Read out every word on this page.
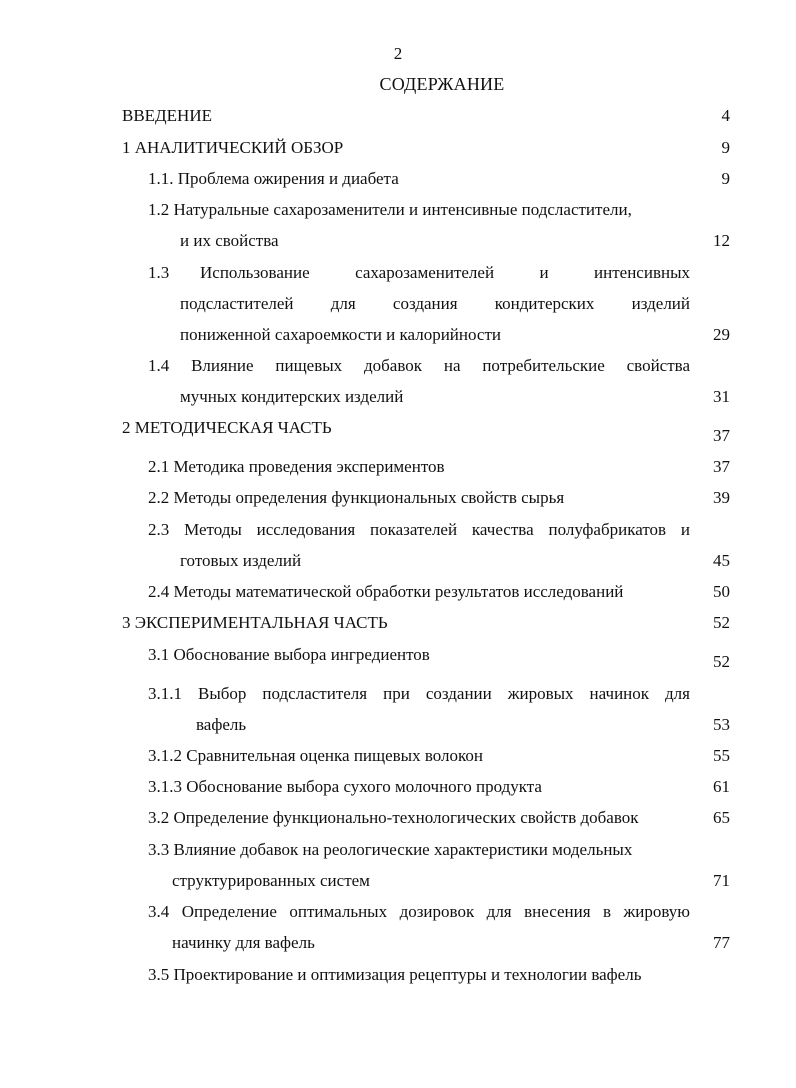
2
СОДЕРЖАНИЕ
ВВЕДЕНИЕ	4
1 АНАЛИТИЧЕСКИЙ ОБЗОР	9
1.1. Проблема ожирения и диабета	9
1.2 Натуральные сахарозаменители и интенсивные подсластители,
и их свойства	12
1.3 Использование сахарозаменителей и интенсивных
подсластителей для создания кондитерских изделий
пониженной сахароемкости и калорийности	29
1.4 Влияние пищевых добавок на потребительские свойства
мучных кондитерских изделий	31
2 МЕТОДИЧЕСКАЯ ЧАСТЬ	37
2.1 Методика проведения экспериментов	37
2.2 Методы определения функциональных свойств сырья	39
2.3 Методы исследования показателей качества полуфабрикатов и
готовых изделий	45
2.4 Методы математической обработки результатов исследований	50
3 ЭКСПЕРИМЕНТАЛЬНАЯ ЧАСТЬ	52
3.1 Обоснование выбора ингредиентов	52
3.1.1 Выбор подсластителя при создании жировых начинок для
вафель	53
3.1.2 Сравнительная оценка пищевых волокон	55
3.1.3 Обоснование выбора сухого молочного продукта	61
3.2 Определение функционально-технологических свойств добавок	65
3.3 Влияние добавок на реологические характеристики модельных
структурированных систем	71
3.4 Определение оптимальных дозировок для внесения в жировую
начинку для вафель	77
3.5 Проектирование и оптимизация рецептуры и технологии вафель
